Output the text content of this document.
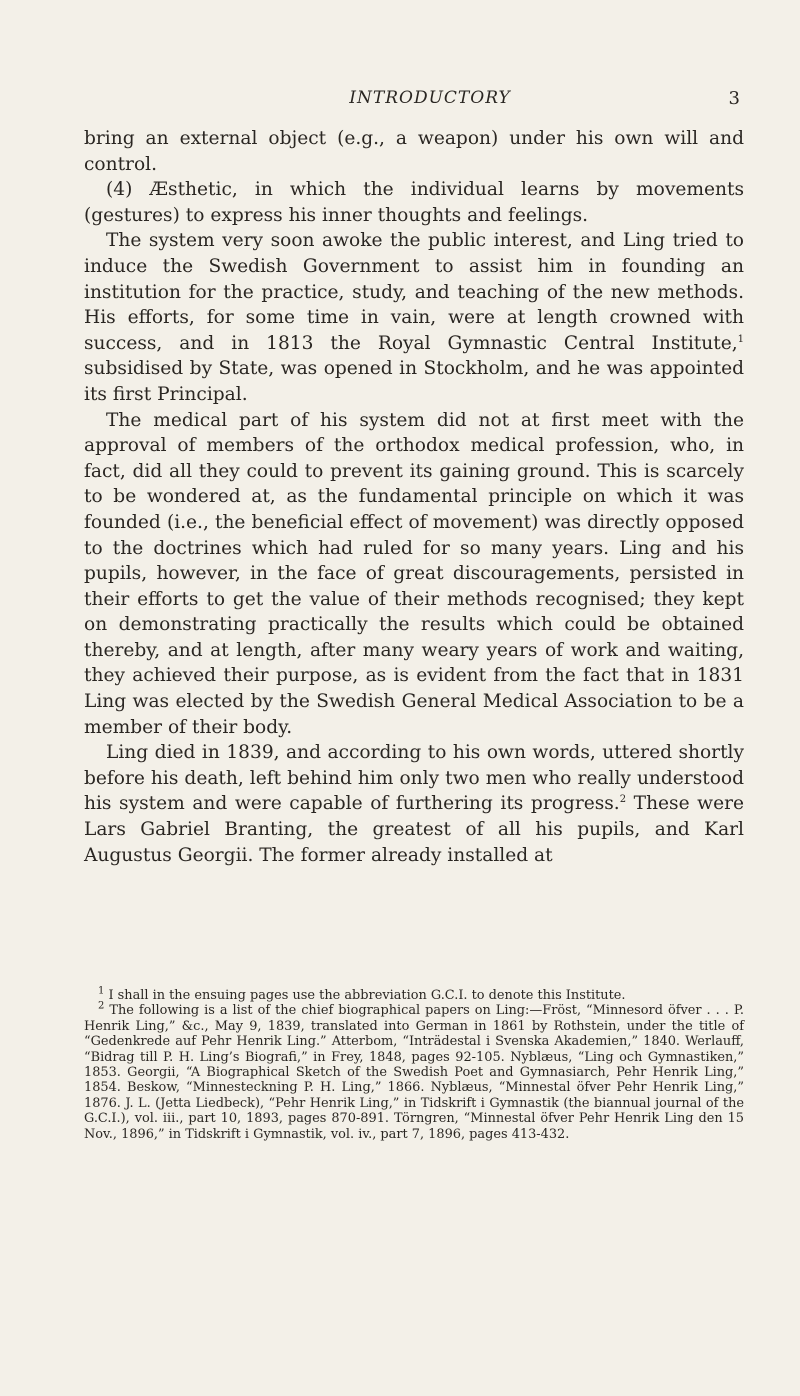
INTRODUCTORY	3

bring an external object (e.g., a weapon) under his own will and control.

(4) Æsthetic, in which the individual learns by movements (gestures) to express his inner thoughts and feelings.

The system very soon awoke the public interest, and Ling tried to induce the Swedish Government to assist him in founding an institution for the practice, study, and teaching of the new methods. His efforts, for some time in vain, were at length crowned with success, and in 1813 the Royal Gymnastic Central Institute,$^1$ subsidised by State, was opened in Stockholm, and he was appointed its first Principal.

The medical part of his system did not at first meet with the approval of members of the orthodox medical profession, who, in fact, did all they could to prevent its gaining ground. This is scarcely to be wondered at, as the fundamental principle on which it was founded (i.e., the beneficial effect of movement) was directly opposed to the doctrines which had ruled for so many years. Ling and his pupils, however, in the face of great discouragements, persisted in their efforts to get the value of their methods recognised; they kept on demonstrating practically the results which could be obtained thereby, and at length, after many weary years of work and waiting, they achieved their purpose, as is evident from the fact that in 1831 Ling was elected by the Swedish General Medical Association to be a member of their body.

Ling died in 1839, and according to his own words, uttered shortly before his death, left behind him only two men who really understood his system and were capable of furthering its progress.$^2$ These were Lars Gabriel Branting, the greatest of all his pupils, and Karl Augustus Georgii. The former already installed at

$^1$ I shall in the ensuing pages use the abbreviation G.C.I. to denote this Institute.

$^2$ The following is a list of the chief biographical papers on Ling:—Fröst, “Minnesord öfver . . . P. Henrik Ling,” &c., May 9, 1839, translated into German in 1861 by Rothstein, under the title of “Gedenkrede auf Pehr Henrik Ling.” Atterbom, “Inträdestal i Svenska Akademien,” 1840. Werlauff, “Bidrag till P. H. Ling’s Biografi,” in Frey, 1848, pages 92-105. Nyblæus, “Ling och Gymnastiken,” 1853. Georgii, “A Biographical Sketch of the Swedish Poet and Gymnasiarch, Pehr Henrik Ling,” 1854. Beskow, “Minnesteckning P. H. Ling,” 1866. Nyblæus, “Minnestal öfver Pehr Henrik Ling,” 1876. J. L. (Jetta Liedbeck), “Pehr Henrik Ling,” in Tidskrift i Gymnastik (the biannual journal of the G.C.I.), vol. iii., part 10, 1893, pages 870-891. Törngren, “Minnestal öfver Pehr Henrik Ling den 15 Nov., 1896,” in Tidskrift i Gymnastik, vol. iv., part 7, 1896, pages 413-432.
